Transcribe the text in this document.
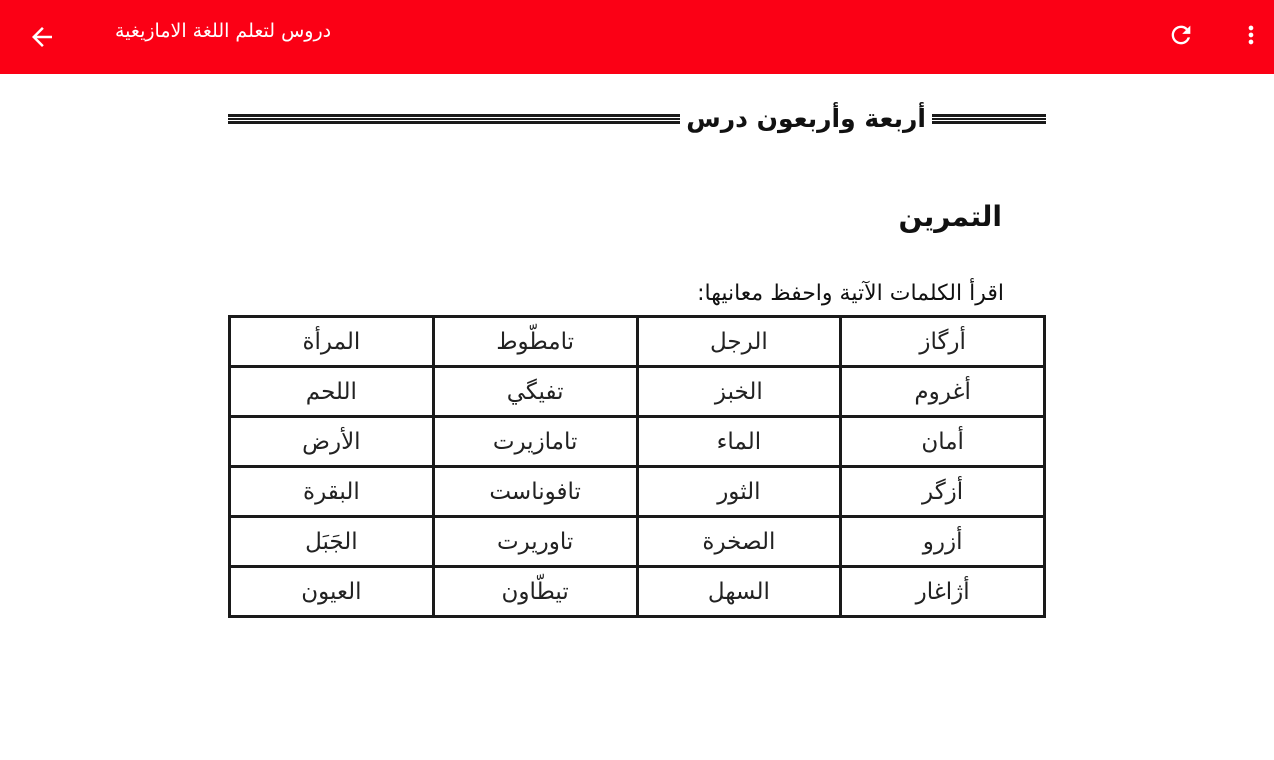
دروس لتعلم اللغة الامازيغية
أربعة وأربعون درس
التمرين
اقرأ الكلمات الآتية واحفظ معانيها:
أرگاز	الرجل	تامطّوط	المرأة
أغروم	الخبز	تفيگي	اللحم
أمان	الماء	تامازيرت	الأرض
أزگر	الثور	تافوناست	البقرة
أزرو	الصخرة	تاوريرت	الجَبَل
أژاغار	السهل	تيطّاون	العيون
